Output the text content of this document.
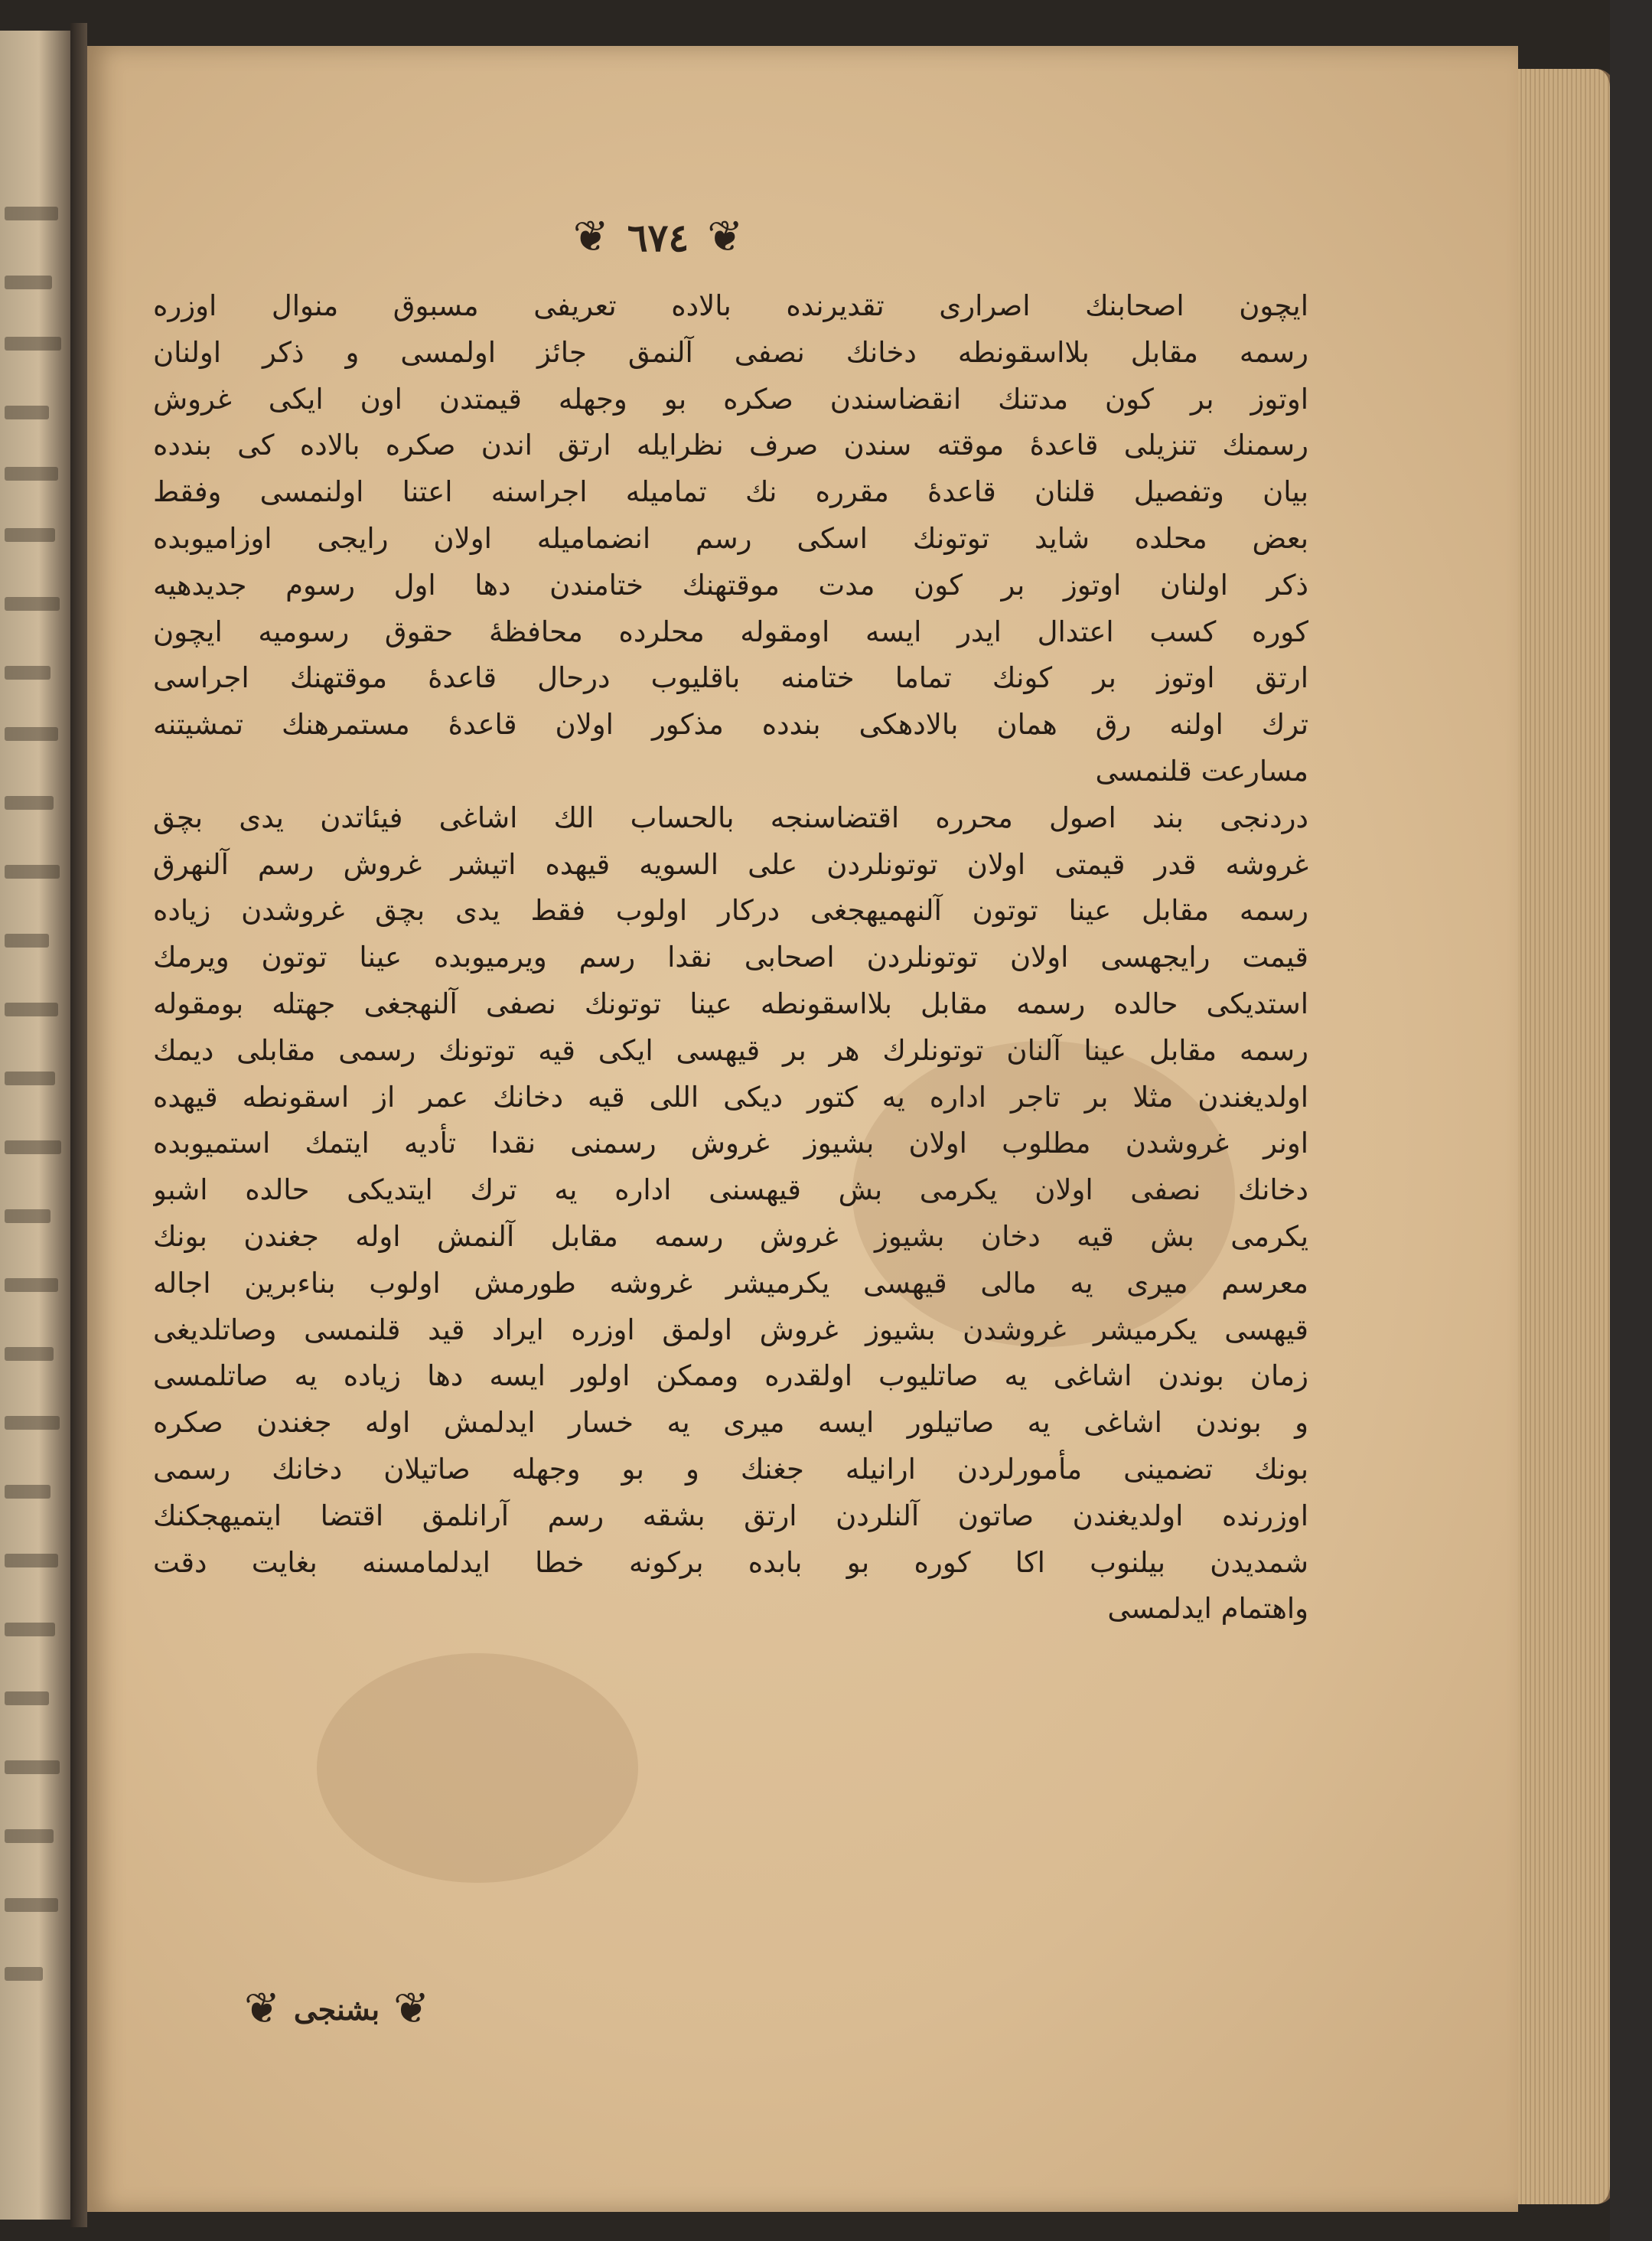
❦ ٦٧٤ ❦
ایچون اصحابنك اصراری تقدیرنده بالاده تعریفی مسبوق منوال اوزره
رسمه مقابل بلااسقونطه دخانك نصفی آلنمق جائز اولمسی و ذکر اولنان
اوتوز بر کون مدتنك انقضاسندن صکره بو وجهله قیمتدن اون ایکی غروش
رسمنك تنزیلی قاعدهٔ موقته سندن صرف نظرایله ارتق اندن صکره بالاده کی بندده
بیان وتفصیل قلنان قاعدهٔ مقرره نك تمامیله اجراسنه اعتنا اولنمسی وفقط
بعض محلده شاید توتونك اسکی رسم انضمامیله اولان رایجی اوزامیوبده
ذکر اولنان اوتوز بر کون مدت موقتهنك ختامندن دها اول رسوم جدیدهیه
کوره کسب اعتدال ایدر ایسه اومقوله محلرده محافظهٔ حقوق رسومیه ایچون
ارتق اوتوز بر کونك تماما ختامنه باقلیوب درحال قاعدهٔ موقتهنك اجراسی
ترك اولنه رق همان بالادهکی بندده مذکور اولان قاعدهٔ مستمرهنك تمشیتنه
مسارعت قلنمسی
دردنجی بند اصول محرره اقتضاسنجه بالحساب الك اشاغی فیئاتدن یدی بچق
غروشه قدر قیمتی اولان توتونلردن علی السویه قیهده اتیشر غروش رسم آلنهرق
رسمه مقابل عینا توتون آلنهمیهجغی درکار اولوب فقط یدی بچق غروشدن زیاده
قیمت رایجهسی اولان توتونلردن اصحابی نقدا رسم ویرمیوبده عینا توتون ویرمك
استدیکی حالده رسمه مقابل بلااسقونطه عینا توتونك نصفی آلنهجغی جهتله بومقوله
رسمه مقابل عینا آلنان توتونلرك هر بر قیهسی ایکی قیه توتونك رسمی مقابلی دیمك
اولدیغندن مثلا بر تاجر اداره یه کتور دیکی اللی قیه دخانك عمر از اسقونطه قیهده
اونر غروشدن مطلوب اولان بشیوز غروش رسمنی نقدا تأدیه ایتمك استمیوبده
دخانك نصفی اولان یکرمی بش قیهسنی اداره یه ترك ایتدیکی حالده اشبو
یکرمی بش قیه دخان بشیوز غروش رسمه مقابل آلنمش اوله جغندن بونك
معرسم میری یه مالی قیهسی یکرمیشر غروشه طورمش اولوب بناءبرین اجاله
قیهسی یکرمیشر غروشدن بشیوز غروش اولمق اوزره ایراد قید قلنمسی وصاتلدیغی
زمان بوندن اشاغی یه صاتلیوب اولقدره وممکن اولور ایسه دها زیاده یه صاتلمسی
و بوندن اشاغی یه صاتیلور ایسه میری یه خسار ایدلمش اوله جغندن صکره
بونك تضمینی مأمورلردن ارانیله جغنك و بو وجهله صاتیلان دخانك رسمی
اوزرنده اولدیغندن صاتون آلنلردن ارتق بشقه رسم آرانلمق اقتضا ایتمیهجکنك
شمدیدن بیلنوب اکا کوره بو بابده برکونه خطا ایدلمامسنه بغایت دقت
واهتمام ایدلمسی
❦ بشنجی ❦
